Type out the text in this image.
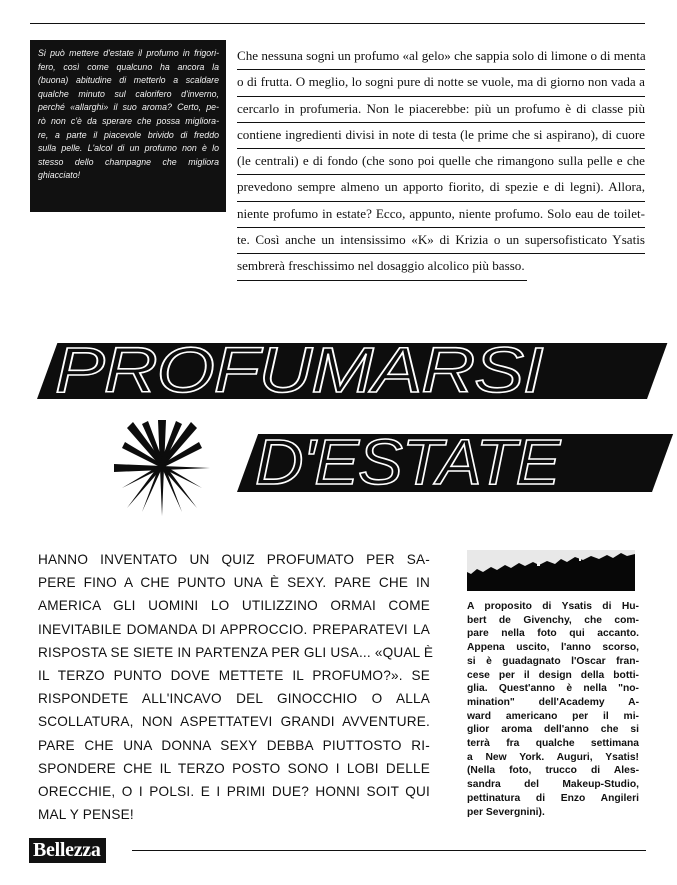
Si può mettere d'estate il profumo in frigori-
fero, così come qualcuno ha ancora la
(buona) abitudine di metterlo a scaldare
qualche minuto sul calorifero d'inverno,
perché «allarghi» il suo aroma? Certo, pe-
rò non c'è da sperare che possa migliora-
re, a parte il piacevole brivido di freddo
sulla pelle. L'alcol di un profumo non è lo
stesso dello champagne che migliora
ghiacciato!
Che nessuna sogni un profumo «al gelo» che sappia solo di limone o di menta
o di frutta. O meglio, lo sogni pure di notte se vuole, ma di giorno non vada a
cercarlo in profumeria. Non le piacerebbe: più un profumo è di classe più
contiene ingredienti divisi in note di testa (le prime che si aspirano), di cuore
(le centrali) e di fondo (che sono poi quelle che rimangono sulla pelle e che
prevedono sempre almeno un apporto fiorito, di spezie e di legni). Allora,
niente profumo in estate? Ecco, appunto, niente profumo. Solo eau de toilet-
te. Così anche un intensissimo «K» di Krizia o un supersofisticato Ysatis
sembrerà freschissimo nel dosaggio alcolico più basso.
PROFUMARSI
D'ESTATE
HANNO INVENTATO UN QUIZ PROFUMATO PER SA-
PERE FINO A CHE PUNTO UNA È SEXY. PARE CHE IN
AMERICA GLI UOMINI LO UTILIZZINO ORMAI COME
INEVITABILE DOMANDA DI APPROCCIO. PREPARATEVI LA
RISPOSTA SE SIETE IN PARTENZA PER GLI USA... «QUAL È
IL TERZO PUNTO DOVE METTETE IL PROFUMO?». SE
RISPONDETE ALL'INCAVO DEL GINOCCHIO O ALLA
SCOLLATURA, NON ASPETTATEVI GRANDI AVVENTURE.
PARE CHE UNA DONNA SEXY DEBBA PIUTTOSTO RI-
SPONDERE CHE IL TERZO POSTO SONO I LOBI DELLE
ORECCHIE, O I POLSI. E I PRIMI DUE? HONNI SOIT QUI
MAL Y PENSE!
A proposito di Ysatis di Hu-
bert de Givenchy, che com-
pare nella foto qui accanto.
Appena uscito, l'anno scorso,
si è guadagnato l'Oscar fran-
cese per il design della botti-
glia. Quest'anno è nella "no-
mination" dell'Academy A-
ward americano per il mi-
glior aroma dell'anno che si
terrà fra qualche settimana
a New York. Auguri, Ysatis!
(Nella foto, trucco di Ales-
sandra del Makeup-Studio,
pettinatura di Enzo Angileri
per Severgnini).
Bellezza
